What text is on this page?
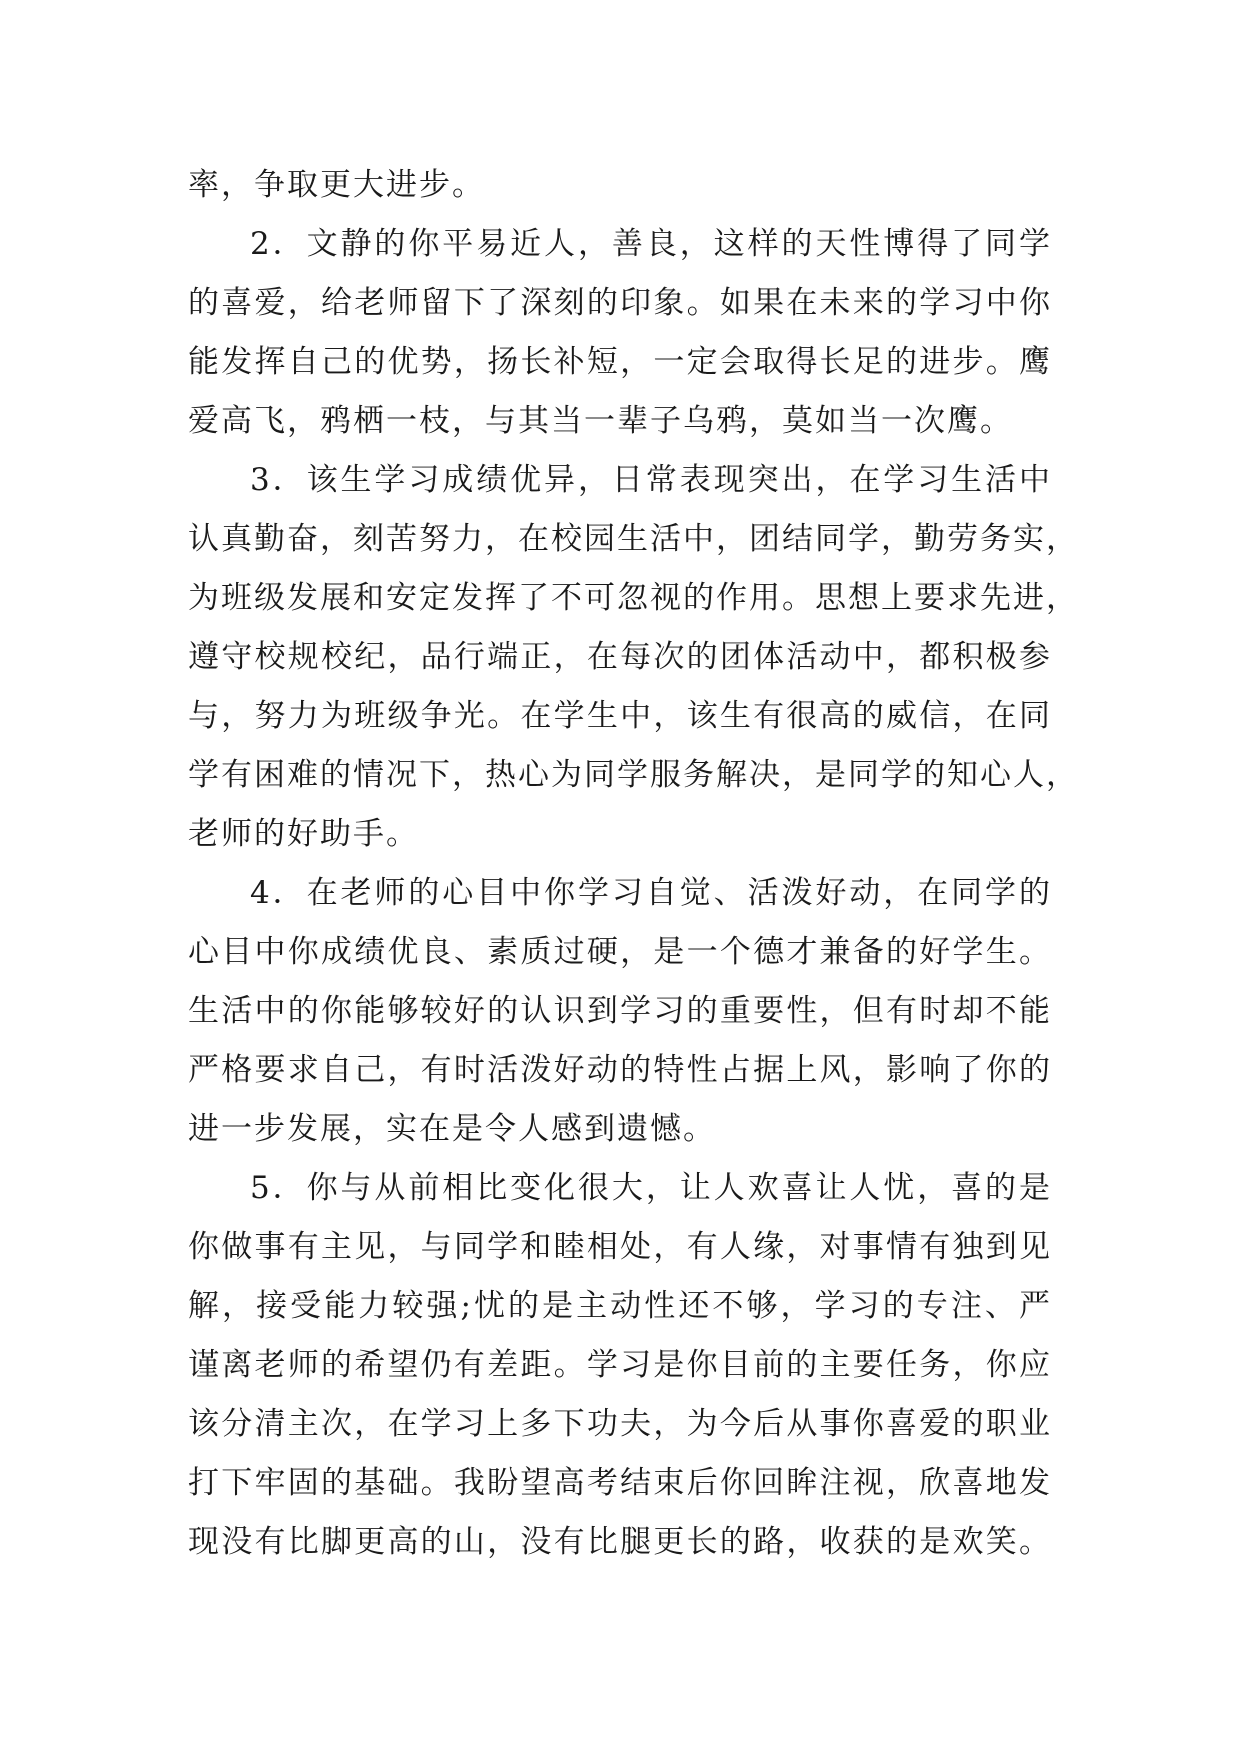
率，争取更大进步。
2．文静的你平易近人，善良，这样的天性博得了同学
的喜爱，给老师留下了深刻的印象。如果在未来的学习中你
能发挥自己的优势，扬长补短，一定会取得长足的进步。鹰
爱高飞，鸦栖一枝，与其当一辈子乌鸦，莫如当一次鹰。
3．该生学习成绩优异，日常表现突出，在学习生活中
认真勤奋，刻苦努力，在校园生活中，团结同学，勤劳务实，
为班级发展和安定发挥了不可忽视的作用。思想上要求先进，
遵守校规校纪，品行端正，在每次的团体活动中，都积极参
与，努力为班级争光。在学生中，该生有很高的威信，在同
学有困难的情况下，热心为同学服务解决，是同学的知心人，
老师的好助手。
4．在老师的心目中你学习自觉、活泼好动，在同学的
心目中你成绩优良、素质过硬，是一个德才兼备的好学生。
生活中的你能够较好的认识到学习的重要性，但有时却不能
严格要求自己，有时活泼好动的特性占据上风，影响了你的
进一步发展，实在是令人感到遗憾。
5．你与从前相比变化很大，让人欢喜让人忧，喜的是
你做事有主见，与同学和睦相处，有人缘，对事情有独到见
解，接受能力较强;忧的是主动性还不够，学习的专注、严
谨离老师的希望仍有差距。学习是你目前的主要任务，你应
该分清主次，在学习上多下功夫，为今后从事你喜爱的职业
打下牢固的基础。我盼望高考结束后你回眸注视，欣喜地发
现没有比脚更高的山，没有比腿更长的路，收获的是欢笑。
